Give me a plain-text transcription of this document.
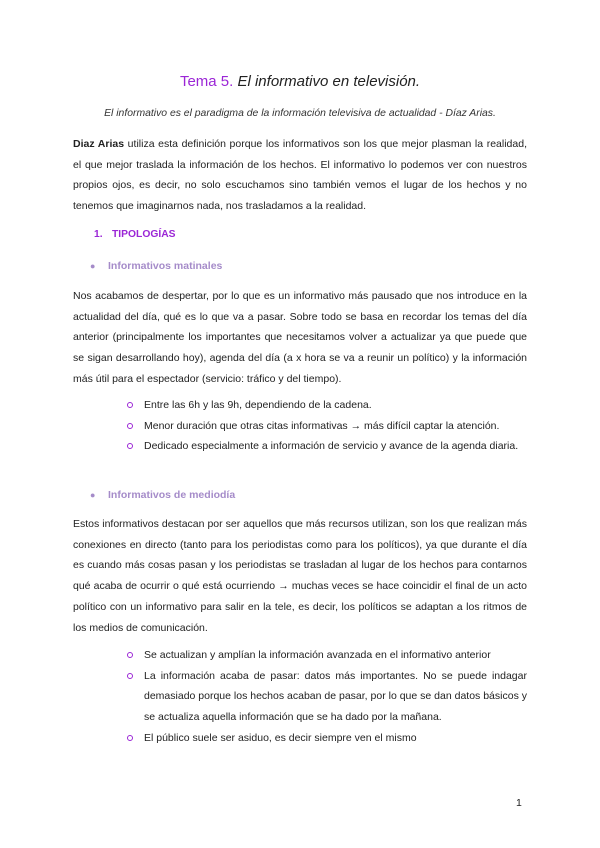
Tema 5. El informativo en televisión.
El informativo es el paradigma de la información televisiva de actualidad - Díaz Arias.
Diaz Arias utiliza esta definición porque los informativos son los que mejor plasman la realidad, el que mejor traslada la información de los hechos. El informativo lo podemos ver con nuestros propios ojos, es decir, no solo escuchamos sino también vemos el lugar de los hechos y no tenemos que imaginarnos nada, nos trasladamos a la realidad.
1. TIPOLOGÍAS
● Informativos matinales
Nos acabamos de despertar, por lo que es un informativo más pausado que nos introduce en la actualidad del día, qué es lo que va a pasar. Sobre todo se basa en recordar los temas del día anterior (principalmente los importantes que necesitamos volver a actualizar ya que puede que se sigan desarrollando hoy), agenda del día (a x hora se va a reunir un político) y la información más útil para el espectador (servicio: tráfico y del tiempo).
Entre las 6h y las 9h, dependiendo de la cadena.
Menor duración que otras citas informativas → más difícil captar la atención.
Dedicado especialmente a información de servicio y avance de la agenda diaria.
● Informativos de mediodía
Estos informativos destacan por ser aquellos que más recursos utilizan, son los que realizan más conexiones en directo (tanto para los periodistas como para los políticos), ya que durante el día es cuando más cosas pasan y los periodistas se trasladan al lugar de los hechos para contarnos qué acaba de ocurrir o qué está ocurriendo → muchas veces se hace coincidir el final de un acto político con un informativo para salir en la tele, es decir, los políticos se adaptan a los ritmos de los medios de comunicación.
Se actualizan y amplían la información avanzada en el informativo anterior
La información acaba de pasar: datos más importantes. No se puede indagar demasiado porque los hechos acaban de pasar, por lo que se dan datos básicos y se actualiza aquella información que se ha dado por la mañana.
El público suele ser asiduo, es decir siempre ven el mismo
1
